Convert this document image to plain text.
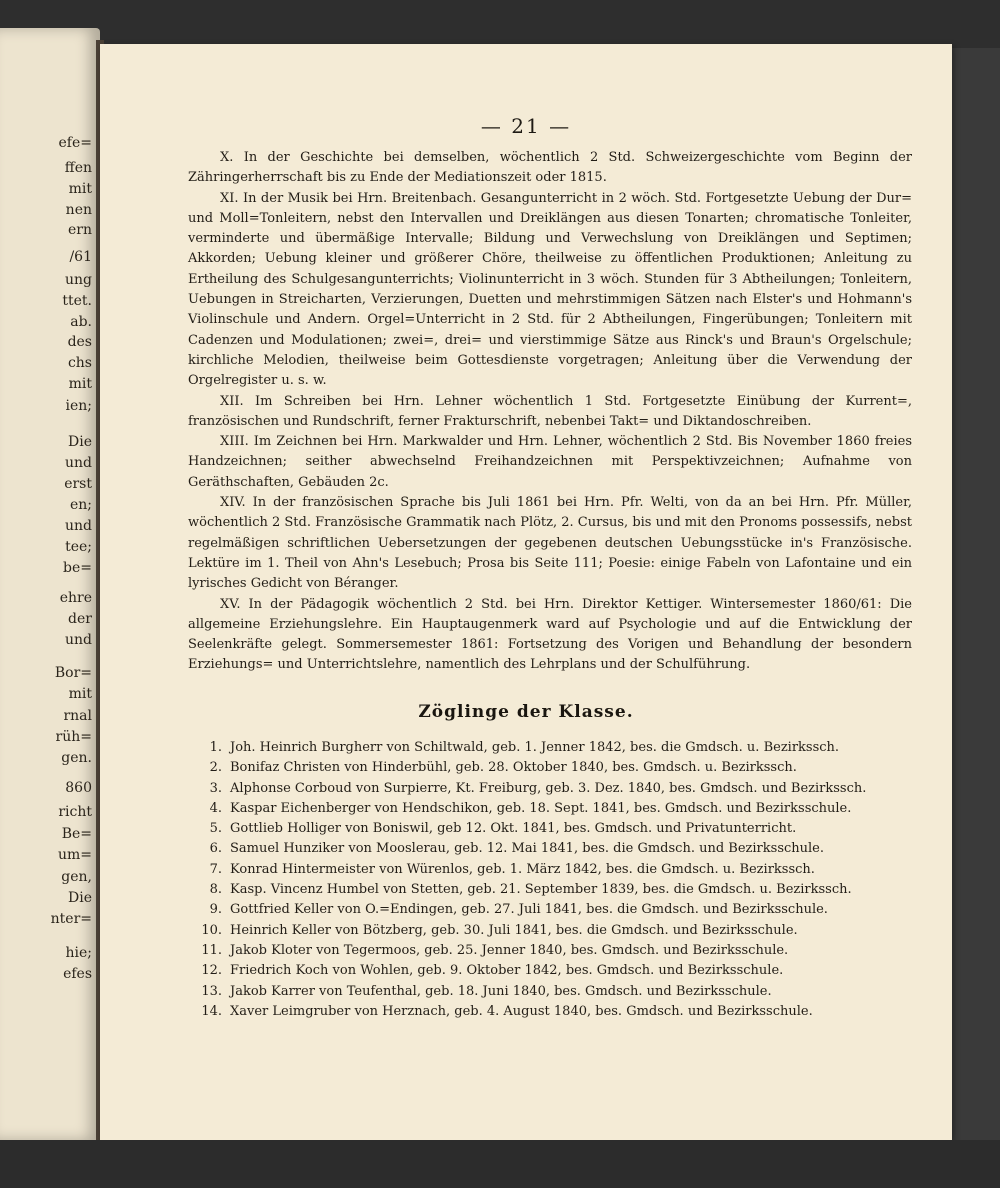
efe=
ffen
mit
nen
ern
/61
ung
ttet.
ab.
des
chs
mit
ien;
Die
und
erst
en;
und
tee;
be=
ehre
der
und
Bor=
mit
rnal
rüh=
gen.
860
richt
Be=
um=
gen,
Die
nter=
hie;
efes
— 21 —

X. In der Geschichte bei demselben, wöchentlich 2 Std. Schweizergeschichte vom Beginn der Zähringerherrschaft bis zu Ende der Mediationszeit oder 1815.

XI. In der Musik bei Hrn. Breitenbach. Gesangunterricht in 2 wöch. Std. Fortgesetzte Uebung der Dur= und Moll=Tonleitern, nebst den Intervallen und Dreiklängen aus diesen Tonarten; chromatische Tonleiter, verminderte und übermäßige Intervalle; Bildung und Verwechslung von Dreiklängen und Septimen; Akkorden; Uebung kleiner und größerer Chöre, theilweise zu öffentlichen Produktionen; Anleitung zu Ertheilung des Schulgesangunterrichts; Violinunterricht in 3 wöch. Stunden für 3 Abtheilungen; Tonleitern, Uebungen in Streicharten, Verzierungen, Duetten und mehrstimmigen Sätzen nach Elster's und Hohmann's Violinschule und Andern. Orgel=Unterricht in 2 Std. für 2 Abtheilungen, Fingerübungen; Tonleitern mit Cadenzen und Modulationen; zwei=, drei= und vierstimmige Sätze aus Rinck's und Braun's Orgelschule; kirchliche Melodien, theilweise beim Gottesdienste vorgetragen; Anleitung über die Verwendung der Orgelregister u. s. w.

XII. Im Schreiben bei Hrn. Lehner wöchentlich 1 Std. Fortgesetzte Einübung der Kurrent=, französischen und Rundschrift, ferner Frakturschrift, nebenbei Takt= und Diktandoschreiben.

XIII. Im Zeichnen bei Hrn. Markwalder und Hrn. Lehner, wöchentlich 2 Std. Bis November 1860 freies Handzeichnen; seither abwechselnd Freihandzeichnen mit Perspektivzeichnen; Aufnahme von Geräthschaften, Gebäuden 2c.

XIV. In der französischen Sprache bis Juli 1861 bei Hrn. Pfr. Welti, von da an bei Hrn. Pfr. Müller, wöchentlich 2 Std. Französische Grammatik nach Plötz, 2. Cursus, bis und mit den Pronoms possessifs, nebst regelmäßigen schriftlichen Uebersetzungen der gegebenen deutschen Uebungsstücke in's Französische. Lektüre im 1. Theil von Ahn's Lesebuch; Prosa bis Seite 111; Poesie: einige Fabeln von Lafontaine und ein lyrisches Gedicht von Béranger.

XV. In der Pädagogik wöchentlich 2 Std. bei Hrn. Direktor Kettiger. Wintersemester 1860/61: Die allgemeine Erziehungslehre. Ein Hauptaugenmerk ward auf Psychologie und auf die Entwicklung der Seelenkräfte gelegt. Sommersemester 1861: Fortsetzung des Vorigen und Behandlung der besondern Erziehungs= und Unterrichtslehre, namentlich des Lehrplans und der Schulführung.

Zöglinge der Klasse.
1. Joh. Heinrich Burgherr von Schiltwald, geb. 1. Jenner 1842, bes. die Gmdsch. u. Bezirkssch.
2. Bonifaz Christen von Hinderbühl, geb. 28. Oktober 1840, bes. Gmdsch. u. Bezirkssch.
3. Alphonse Corboud von Surpierre, Kt. Freiburg, geb. 3. Dez. 1840, bes. Gmdsch. und Bezirkssch.
4. Kaspar Eichenberger von Hendschikon, geb. 18. Sept. 1841, bes. Gmdsch. und Bezirksschule.
5. Gottlieb Holliger von Boniswil, geb 12. Okt. 1841, bes. Gmdsch. und Privatunterricht.
6. Samuel Hunziker von Mooslerau, geb. 12. Mai 1841, bes. die Gmdsch. und Bezirksschule.
7. Konrad Hintermeister von Würenlos, geb. 1. März 1842, bes. die Gmdsch. u. Bezirkssch.
8. Kasp. Vincenz Humbel von Stetten, geb. 21. September 1839, bes. die Gmdsch. u. Bezirkssch.
9. Gottfried Keller von O.=Endingen, geb. 27. Juli 1841, bes. die Gmdsch. und Bezirksschule.
10. Heinrich Keller von Bötzberg, geb. 30. Juli 1841, bes. die Gmdsch. und Bezirksschule.
11. Jakob Kloter von Tegermoos, geb. 25. Jenner 1840, bes. Gmdsch. und Bezirksschule.
12. Friedrich Koch von Wohlen, geb. 9. Oktober 1842, bes. Gmdsch. und Bezirksschule.
13. Jakob Karrer von Teufenthal, geb. 18. Juni 1840, bes. Gmdsch. und Bezirksschule.
14. Xaver Leimgruber von Herznach, geb. 4. August 1840, bes. Gmdsch. und Bezirksschule.
